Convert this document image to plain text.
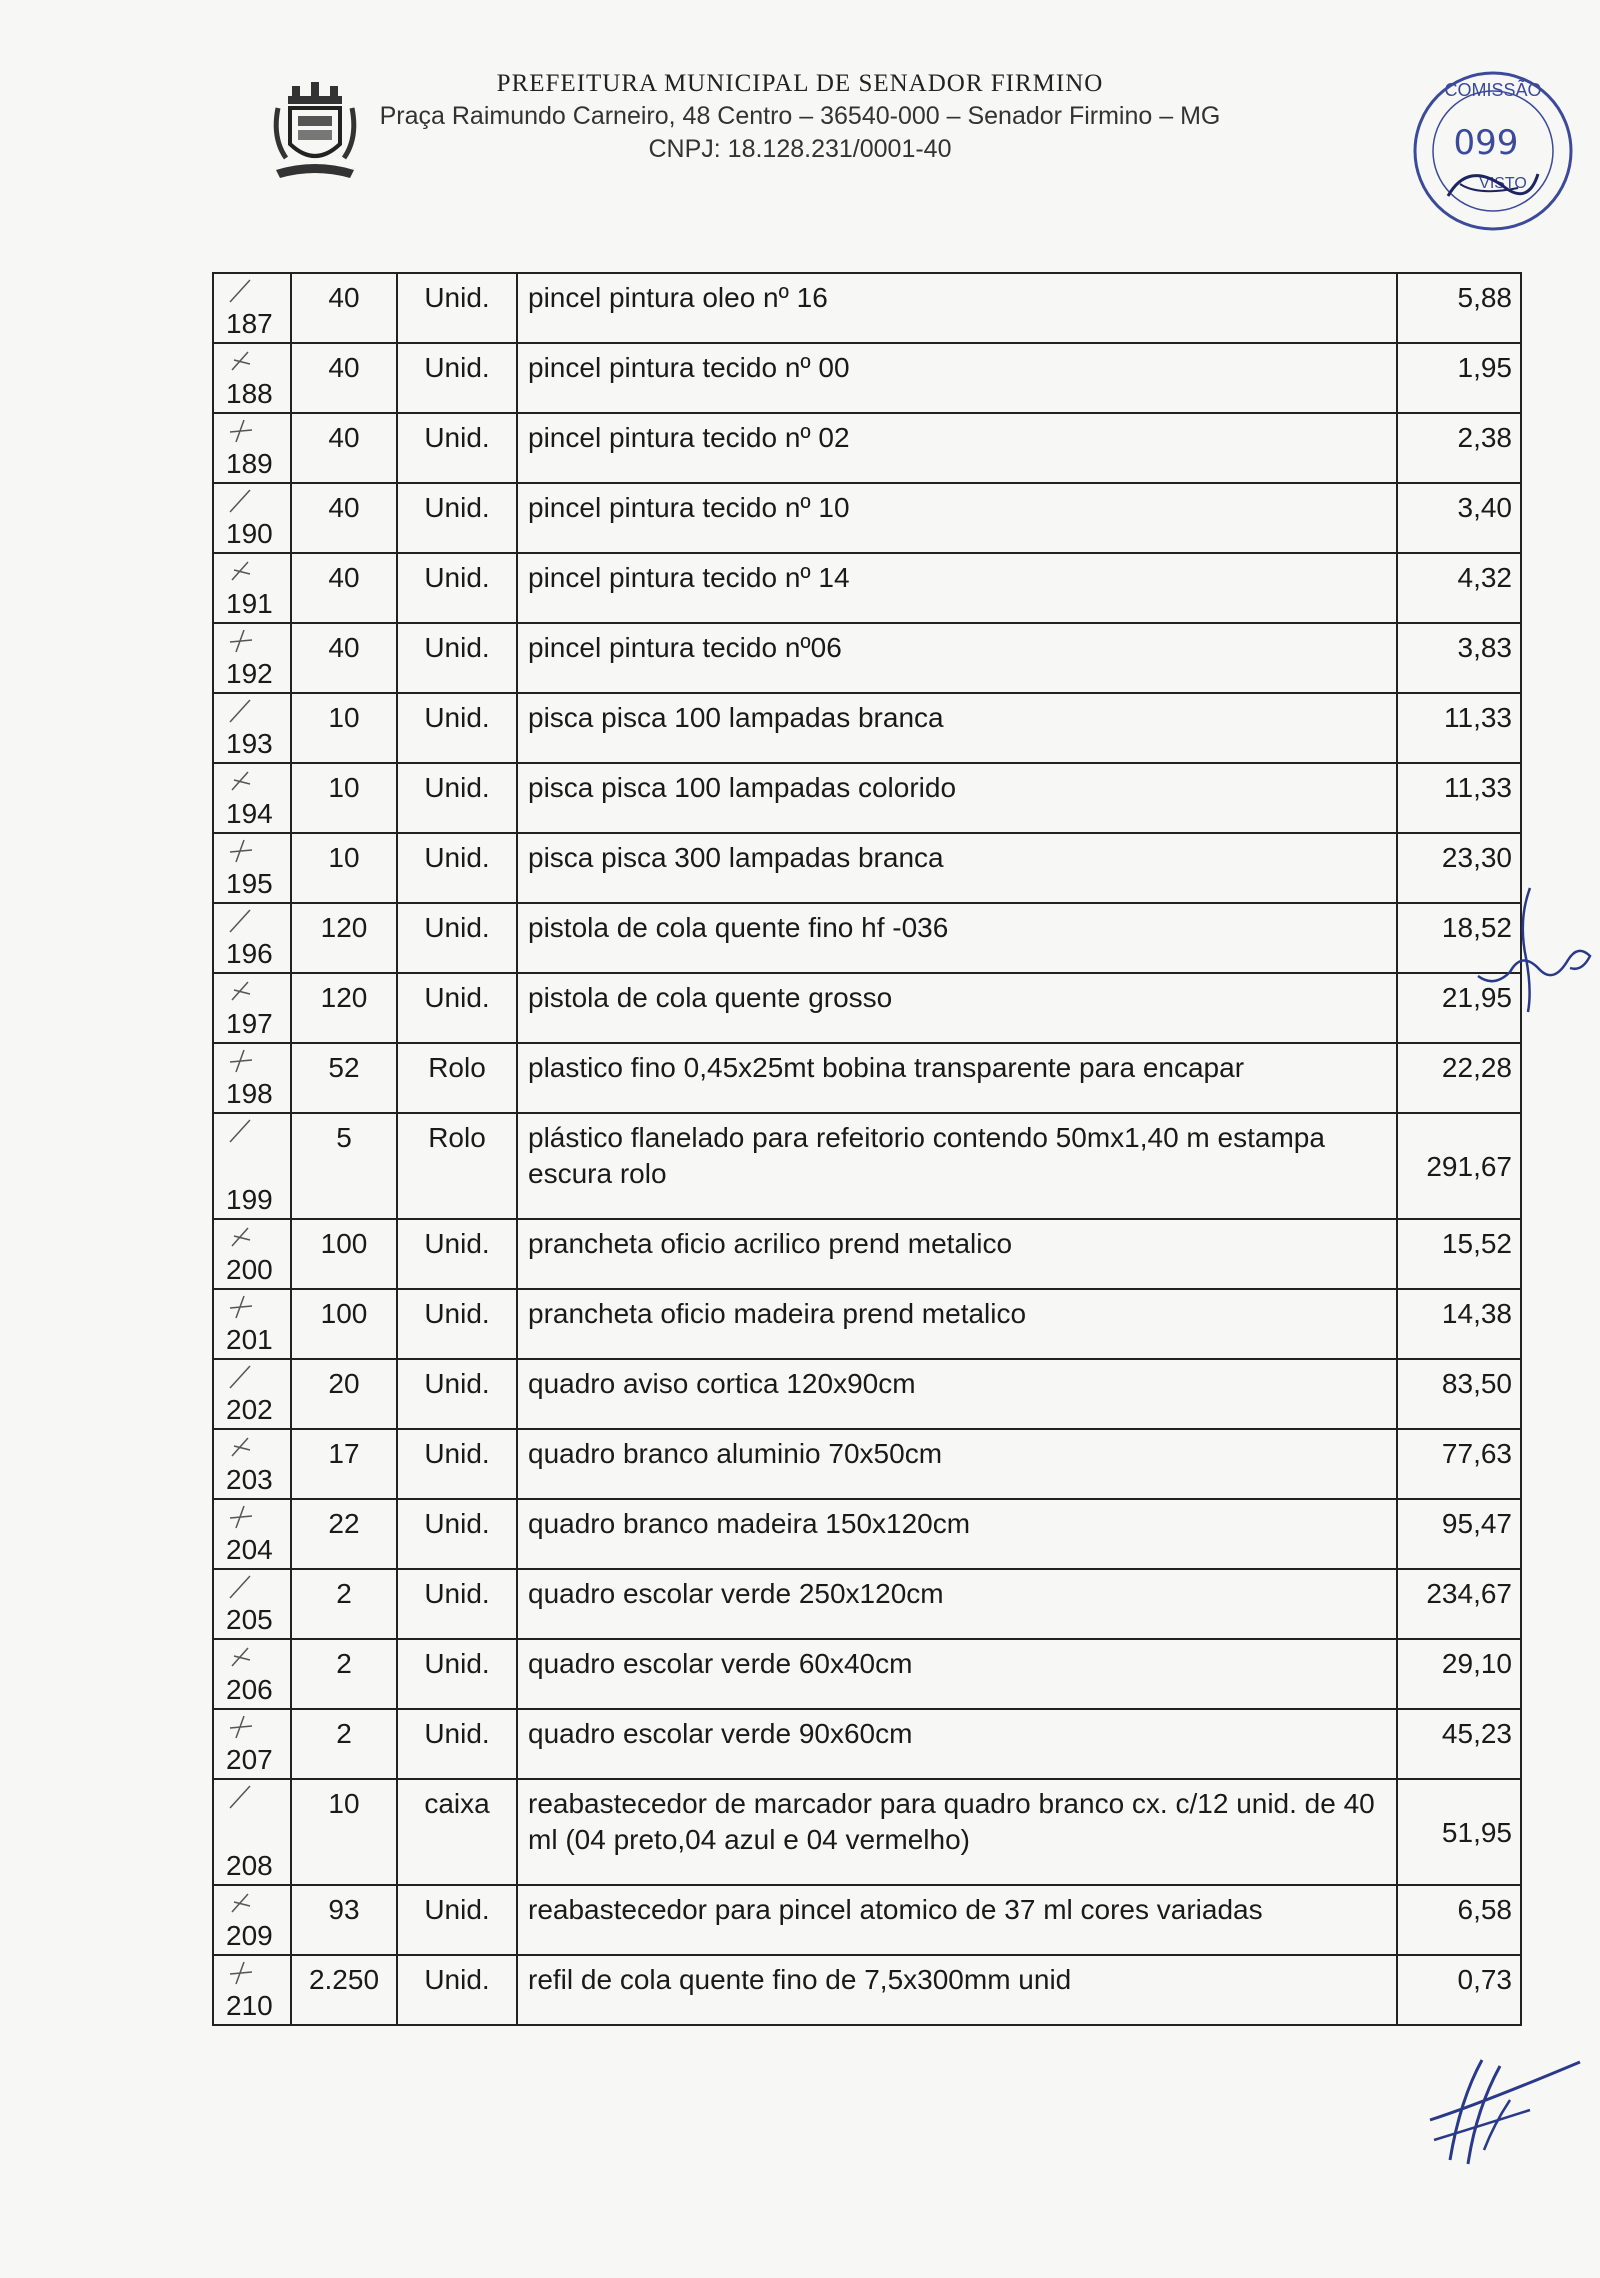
PREFEITURA MUNICIPAL DE SENADOR FIRMINO
Praça Raimundo Carneiro, 48 Centro – 36540-000 – Senador Firmino – MG
CNPJ: 18.128.231/0001-40
COMISSÃO
099
VISTO
187	40	Unid.	pincel pintura oleo nº 16	5,88

188	40	Unid.	pincel pintura tecido nº 00	1,95

189	40	Unid.	pincel pintura tecido nº 02	2,38

190	40	Unid.	pincel pintura tecido nº 10	3,40

191	40	Unid.	pincel pintura tecido nº 14	4,32

192	40	Unid.	pincel pintura tecido nº06	3,83

193	10	Unid.	pisca pisca 100 lampadas branca	11,33

194	10	Unid.	pisca pisca 100 lampadas colorido	11,33

195	10	Unid.	pisca pisca 300 lampadas branca	23,30

196	120	Unid.	pistola de cola quente fino hf -036	18,52

197	120	Unid.	pistola de cola quente grosso	21,95

198	52	Rolo	plastico fino 0,45x25mt bobina transparente para encapar	22,28

199	5	Rolo	plástico flanelado para refeitorio contendo 50mx1,40 m estampa escura rolo	291,67

200	100	Unid.	prancheta oficio acrilico prend metalico	15,52

201	100	Unid.	prancheta oficio madeira prend metalico	14,38

202	20	Unid.	quadro aviso cortica 120x90cm	83,50

203	17	Unid.	quadro branco aluminio 70x50cm	77,63

204	22	Unid.	quadro branco madeira 150x120cm	95,47

205	2	Unid.	quadro escolar verde 250x120cm	234,67

206	2	Unid.	quadro escolar verde 60x40cm	29,10

207	2	Unid.	quadro escolar verde 90x60cm	45,23

208	10	caixa	reabastecedor de marcador para quadro branco cx. c/12 unid. de 40 ml (04 preto,04 azul e 04 vermelho)	51,95

209	93	Unid.	reabastecedor para pincel atomico de 37 ml cores variadas	6,58

210	2.250	Unid.	refil de cola quente fino de 7,5x300mm unid	0,73
